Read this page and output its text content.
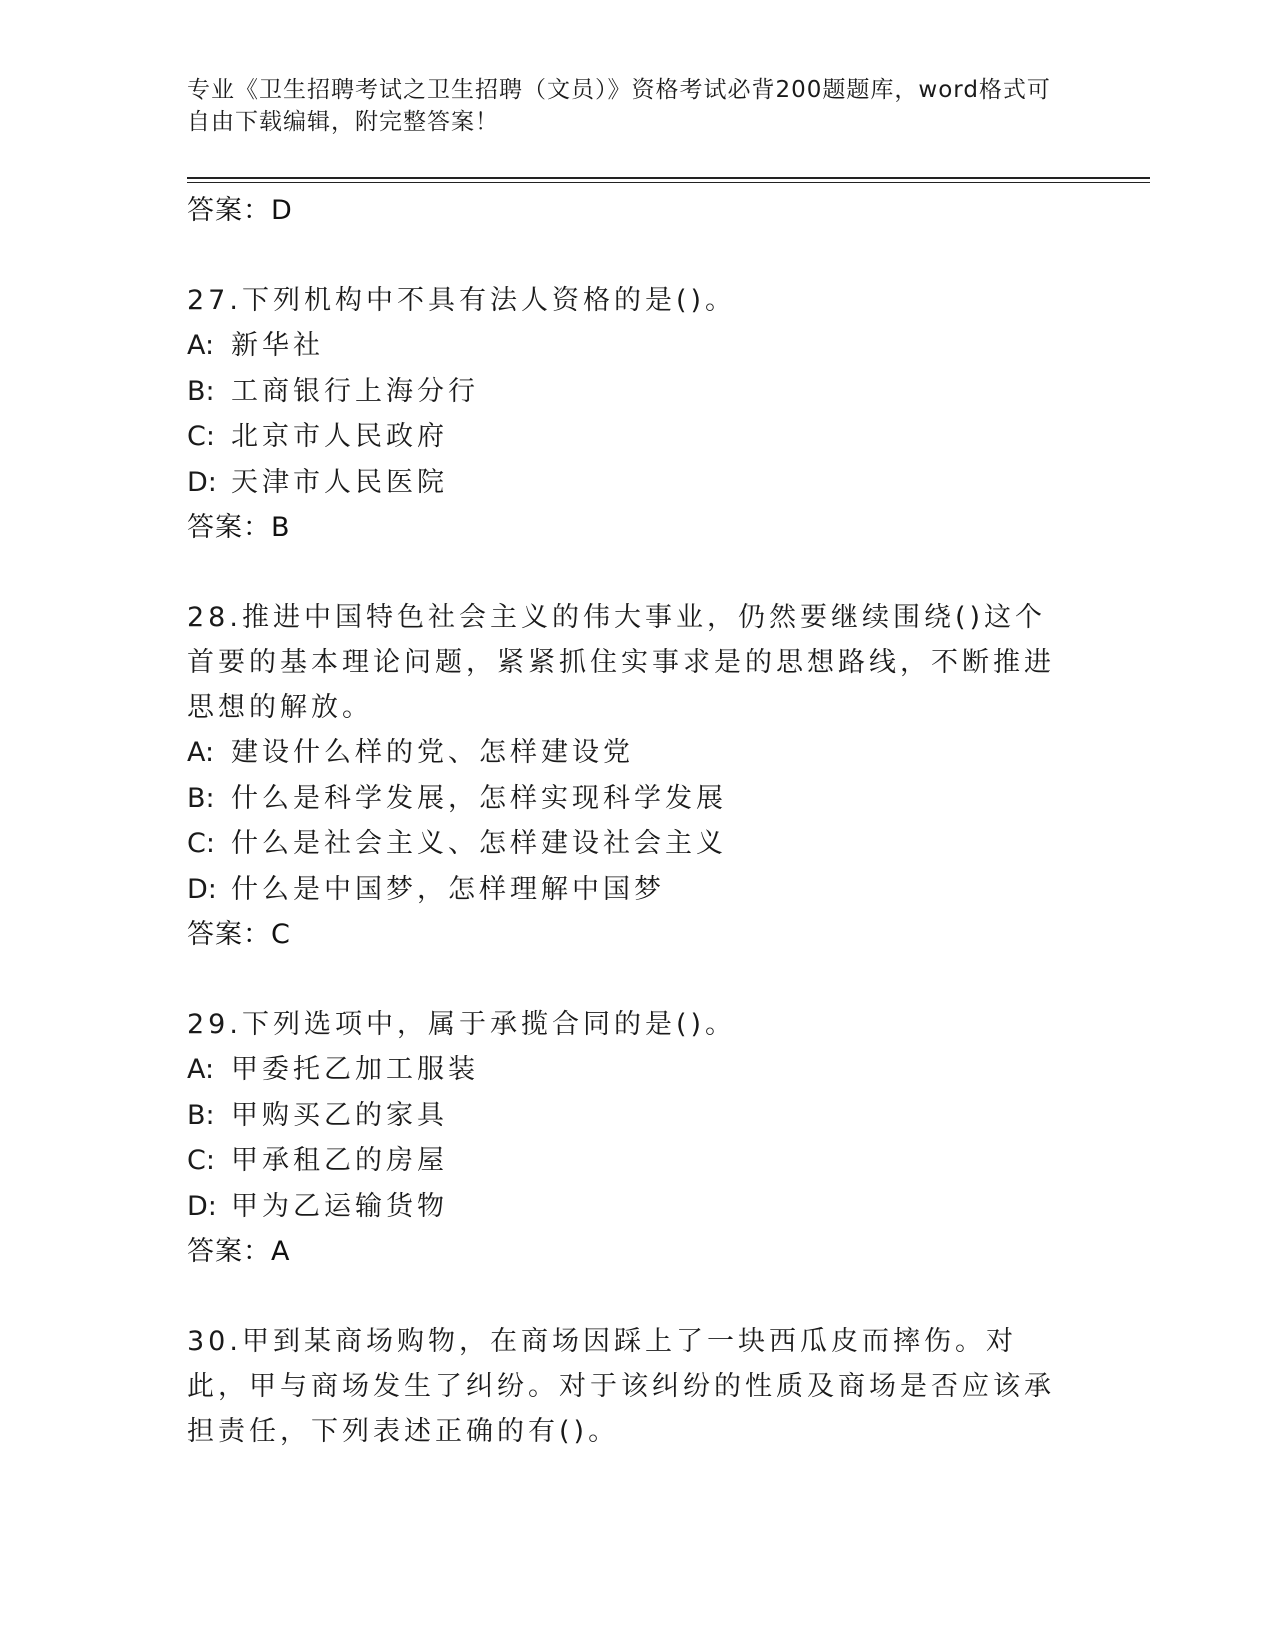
专业《卫生招聘考试之卫生招聘（文员）》资格考试必背200题题库，word格式可自由下载编辑，附完整答案！
答案：D
27.下列机构中不具有法人资格的是()。
A: 新华社
B: 工商银行上海分行
C: 北京市人民政府
D: 天津市人民医院
答案：B
28.推进中国特色社会主义的伟大事业，仍然要继续围绕()这个首要的基本理论问题，紧紧抓住实事求是的思想路线，不断推进思想的解放。
A: 建设什么样的党、怎样建设党
B: 什么是科学发展，怎样实现科学发展
C: 什么是社会主义、怎样建设社会主义
D: 什么是中国梦，怎样理解中国梦
答案：C
29.下列选项中，属于承揽合同的是()。
A: 甲委托乙加工服装
B: 甲购买乙的家具
C: 甲承租乙的房屋
D: 甲为乙运输货物
答案：A
30.甲到某商场购物，在商场因踩上了一块西瓜皮而摔伤。对此，甲与商场发生了纠纷。对于该纠纷的性质及商场是否应该承担责任，下列表述正确的有()。
